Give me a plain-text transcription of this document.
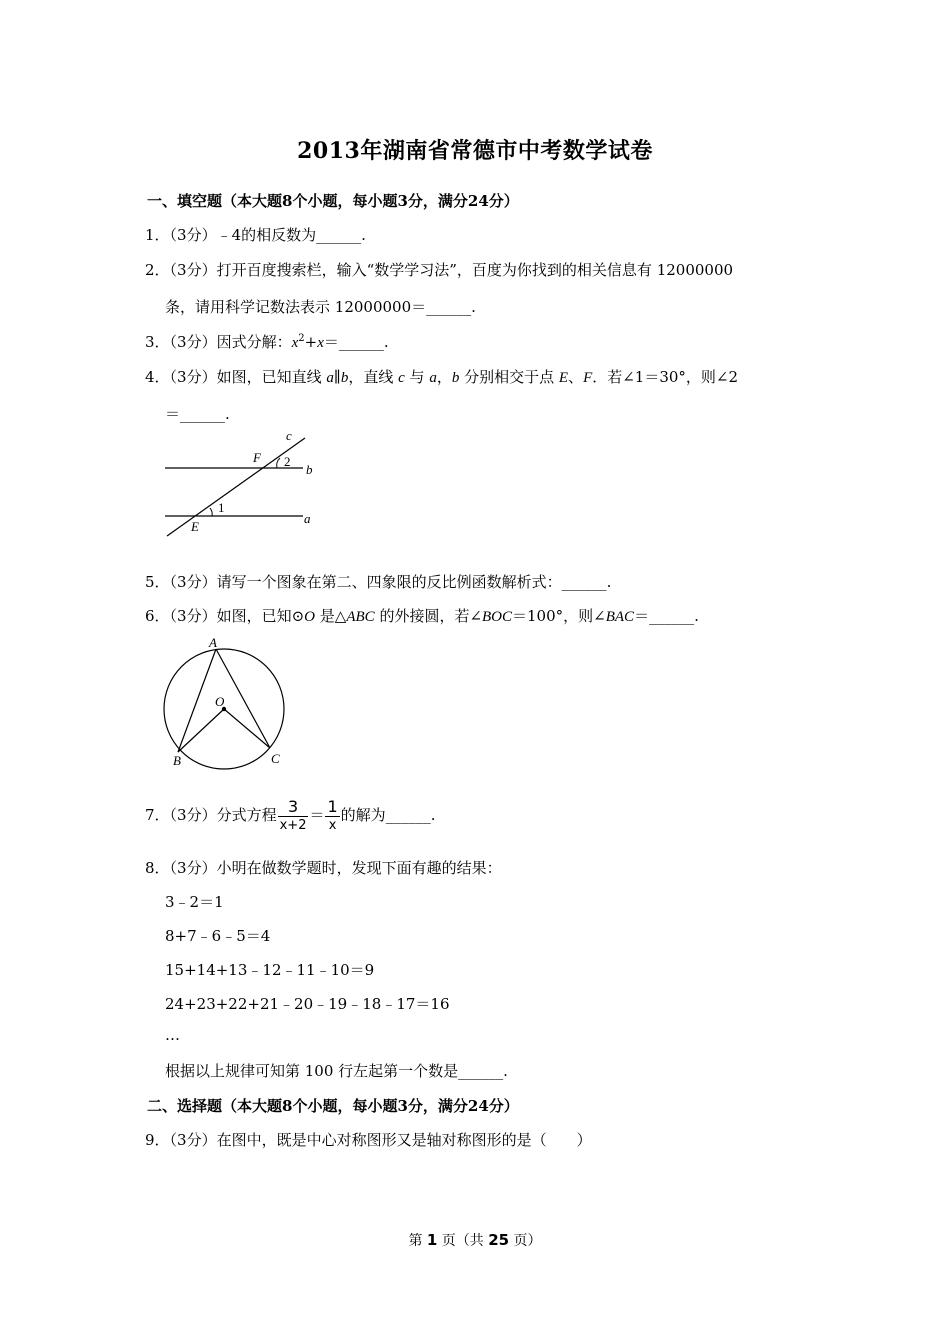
2013年湖南省常德市中考数学试卷
一、填空题（本大题8个小题，每小题3分，满分24分）
1．（3分）﹣4的相反数为______.
2．（3分）打开百度搜索栏，输入“数学学习法”，百度为你找到的相关信息有 12000000
条，请用科学记数法表示 12000000＝______.
3．（3分）因式分解：$x^2+x=\_\_\_\_\_\_$.
4．（3分）如图，已知直线 a∥b，直线 c 与 a，b 分别相交于点 E、F．若∠1＝30°，则∠2
＝______.
c
F 2
b
1
E
a
5．（3分）请写一个图象在第二、四象限的反比例函数解析式：______.
6．（3分）如图，已知⊙O 是△ABC 的外接圆，若∠BOC＝100°，则∠BAC＝______.
A
O
B	C
7．（3分）分式方程 $\frac{3}{x+2} = \frac{1}{x}$ 的解为______.
8．（3分）小明在做数学题时，发现下面有趣的结果：
3﹣2＝1
8+7﹣6﹣5＝4
15+14+13﹣12﹣11﹣10＝9
24+23+22+21﹣20﹣19﹣18﹣17＝16
…
根据以上规律可知第 100 行左起第一个数是______.
二、选择题（本大题8个小题，每小题3分，满分24分）
9．（3分）在图中，既是中心对称图形又是轴对称图形的是（　　）
第 1 页（共 25 页）
